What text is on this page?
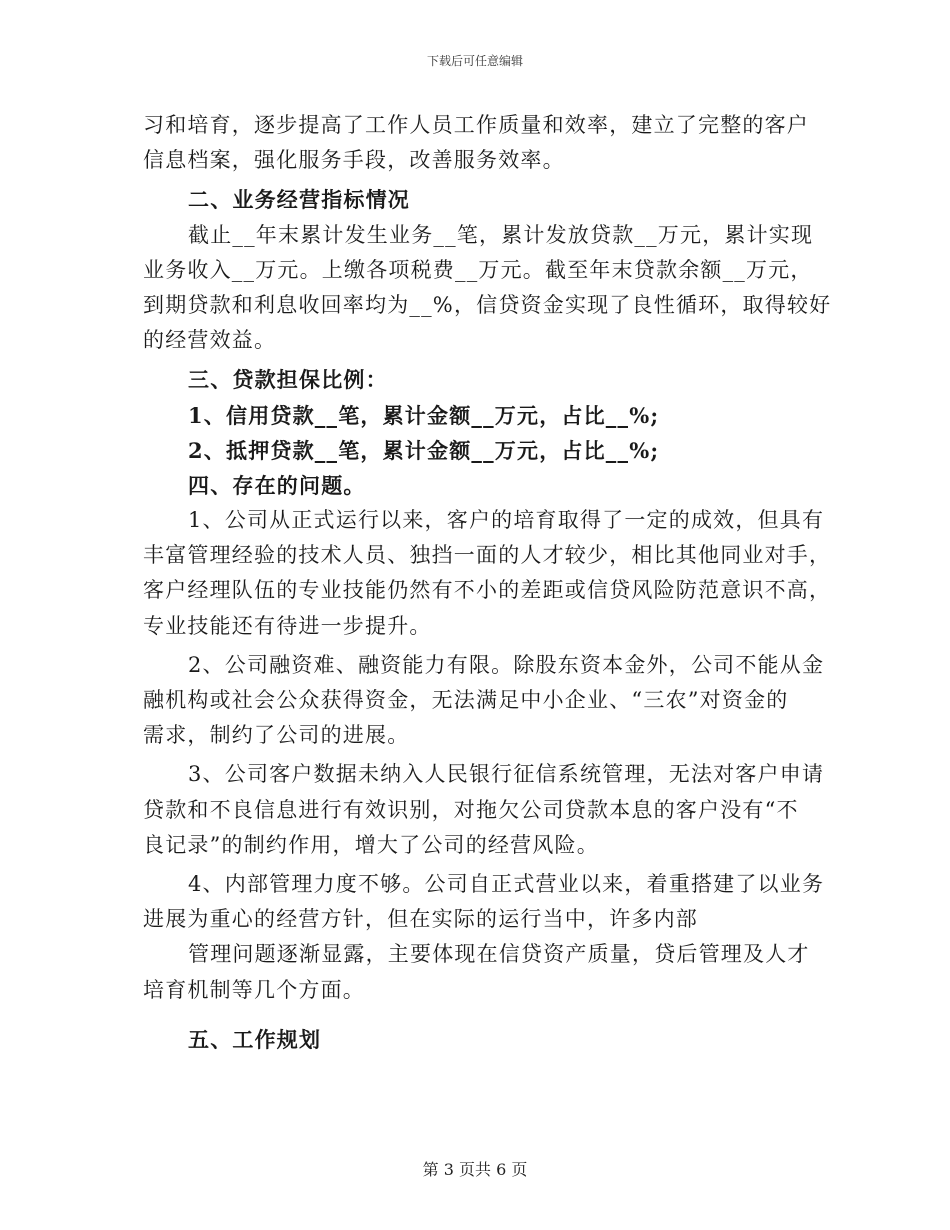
下载后可任意编辑
习和培育，逐步提高了工作人员工作质量和效率，建立了完整的客户
信息档案，强化服务手段，改善服务效率。
二、业务经营指标情况
截止__年末累计发生业务__笔，累计发放贷款__万元，累计实现
业务收入__万元。上缴各项税费__万元。截至年末贷款余额__万元，
到期贷款和利息收回率均为__%，信贷资金实现了良性循环，取得较好
的经营效益。
三、贷款担保比例：
1、信用贷款__笔，累计金额__万元，占比__%;
2、抵押贷款__笔，累计金额__万元，占比__%;
四、存在的问题。
1、公司从正式运行以来，客户的培育取得了一定的成效，但具有
丰富管理经验的技术人员、独挡一面的人才较少，相比其他同业对手，
客户经理队伍的专业技能仍然有不小的差距或信贷风险防范意识不高，
专业技能还有待进一步提升。
2、公司融资难、融资能力有限。除股东资本金外，公司不能从金
融机构或社会公众获得资金，无法满足中小企业、“三农”对资金的
需求，制约了公司的进展。
3、公司客户数据未纳入人民银行征信系统管理，无法对客户申请
贷款和不良信息进行有效识别，对拖欠公司贷款本息的客户没有“不
良记录”的制约作用，增大了公司的经营风险。
4、内部管理力度不够。公司自正式营业以来，着重搭建了以业务
进展为重心的经营方针，但在实际的运行当中，许多内部
管理问题逐渐显露，主要体现在信贷资产质量，贷后管理及人才
培育机制等几个方面。
五、工作规划
第 3 页共 6 页
